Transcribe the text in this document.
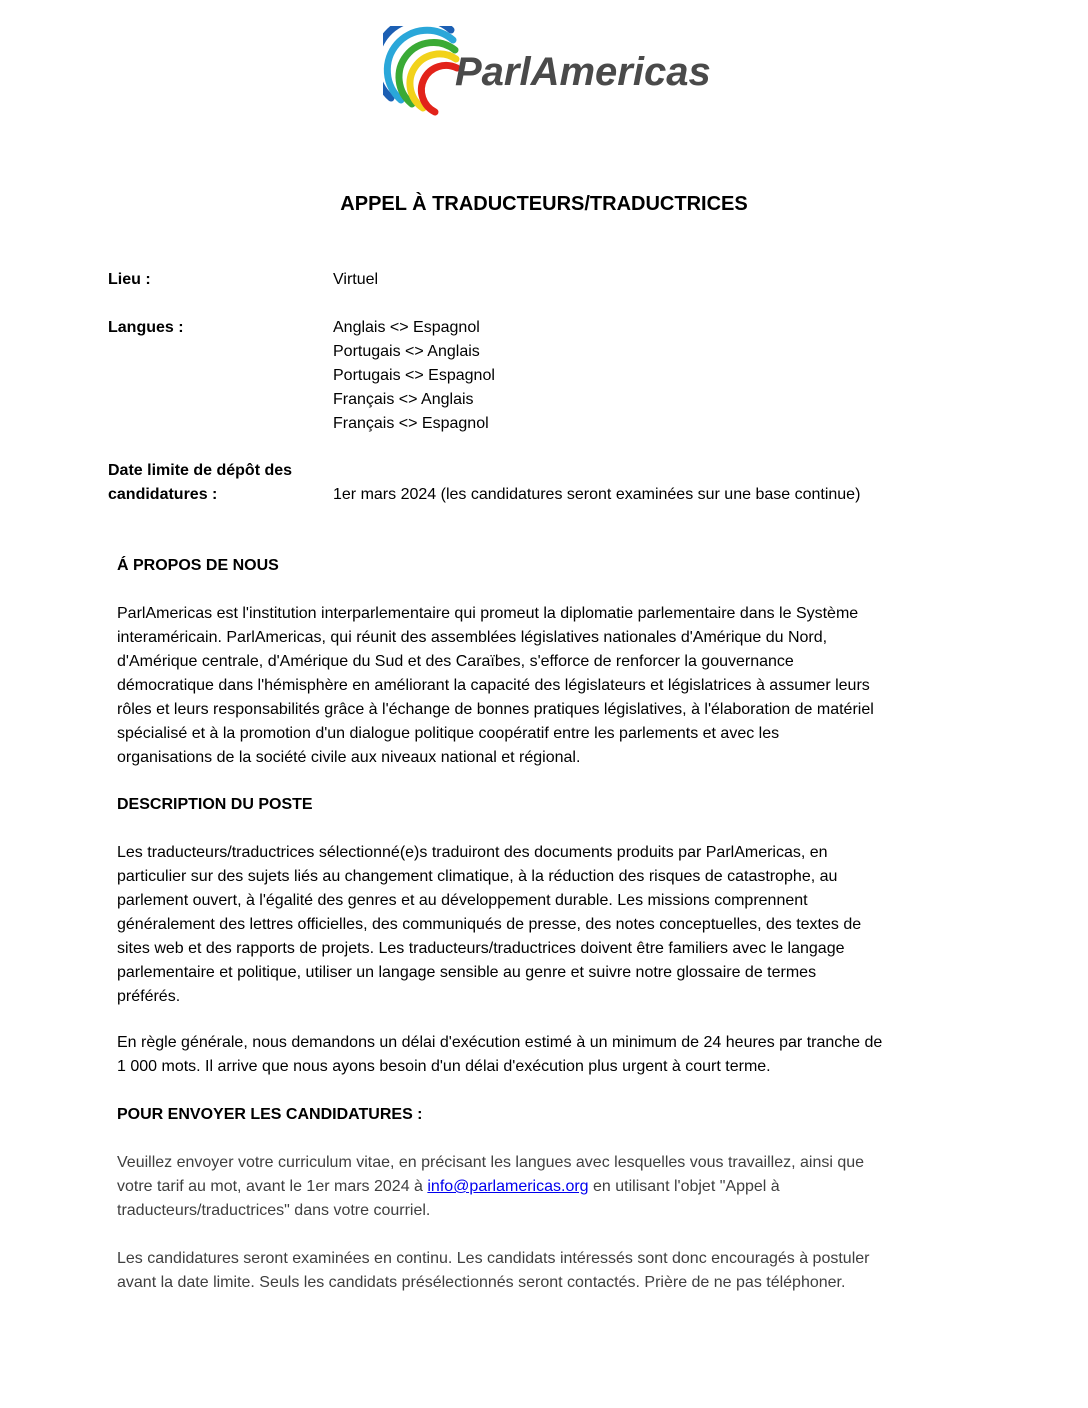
ParlAmericas
APPEL À TRADUCTEURS/TRADUCTRICES
Lieu :	Virtuel
Langues :	Anglais <> Espagnol
Portugais <> Anglais
Portugais <> Espagnol
Français <> Anglais
Français <> Espagnol
Date limite de dépôt des
candidatures :	1er mars 2024 (les candidatures seront examinées sur une base continue)
Á PROPOS DE NOUS
ParlAmericas est l'institution interparlementaire qui promeut la diplomatie parlementaire dans le Système
interaméricain. ParlAmericas, qui réunit des assemblées législatives nationales d'Amérique du Nord,
d'Amérique centrale, d'Amérique du Sud et des Caraïbes, s'efforce de renforcer la gouvernance
démocratique dans l'hémisphère en améliorant la capacité des législateurs et législatrices à assumer leurs
rôles et leurs responsabilités grâce à l'échange de bonnes pratiques législatives, à l'élaboration de matériel
spécialisé et à la promotion d'un dialogue politique coopératif entre les parlements et avec les
organisations de la société civile aux niveaux national et régional.
DESCRIPTION DU POSTE
Les traducteurs/traductrices sélectionné(e)s traduiront des documents produits par ParlAmericas, en
particulier sur des sujets liés au changement climatique, à la réduction des risques de catastrophe, au
parlement ouvert, à l'égalité des genres et au développement durable. Les missions comprennent
généralement des lettres officielles, des communiqués de presse, des notes conceptuelles, des textes de
sites web et des rapports de projets. Les traducteurs/traductrices doivent être familiers avec le langage
parlementaire et politique, utiliser un langage sensible au genre et suivre notre glossaire de termes
préférés.
En règle générale, nous demandons un délai d'exécution estimé à un minimum de 24 heures par tranche de
1 000 mots. Il arrive que nous ayons besoin d'un délai d'exécution plus urgent à court terme.
POUR ENVOYER LES CANDIDATURES :
Veuillez envoyer votre curriculum vitae, en précisant les langues avec lesquelles vous travaillez, ainsi que
votre tarif au mot, avant le 1er mars 2024 à info@parlamericas.org en utilisant l'objet "Appel à
traducteurs/traductrices" dans votre courriel.
Les candidatures seront examinées en continu. Les candidats intéressés sont donc encouragés à postuler
avant la date limite. Seuls les candidats présélectionnés seront contactés. Prière de ne pas téléphoner.
